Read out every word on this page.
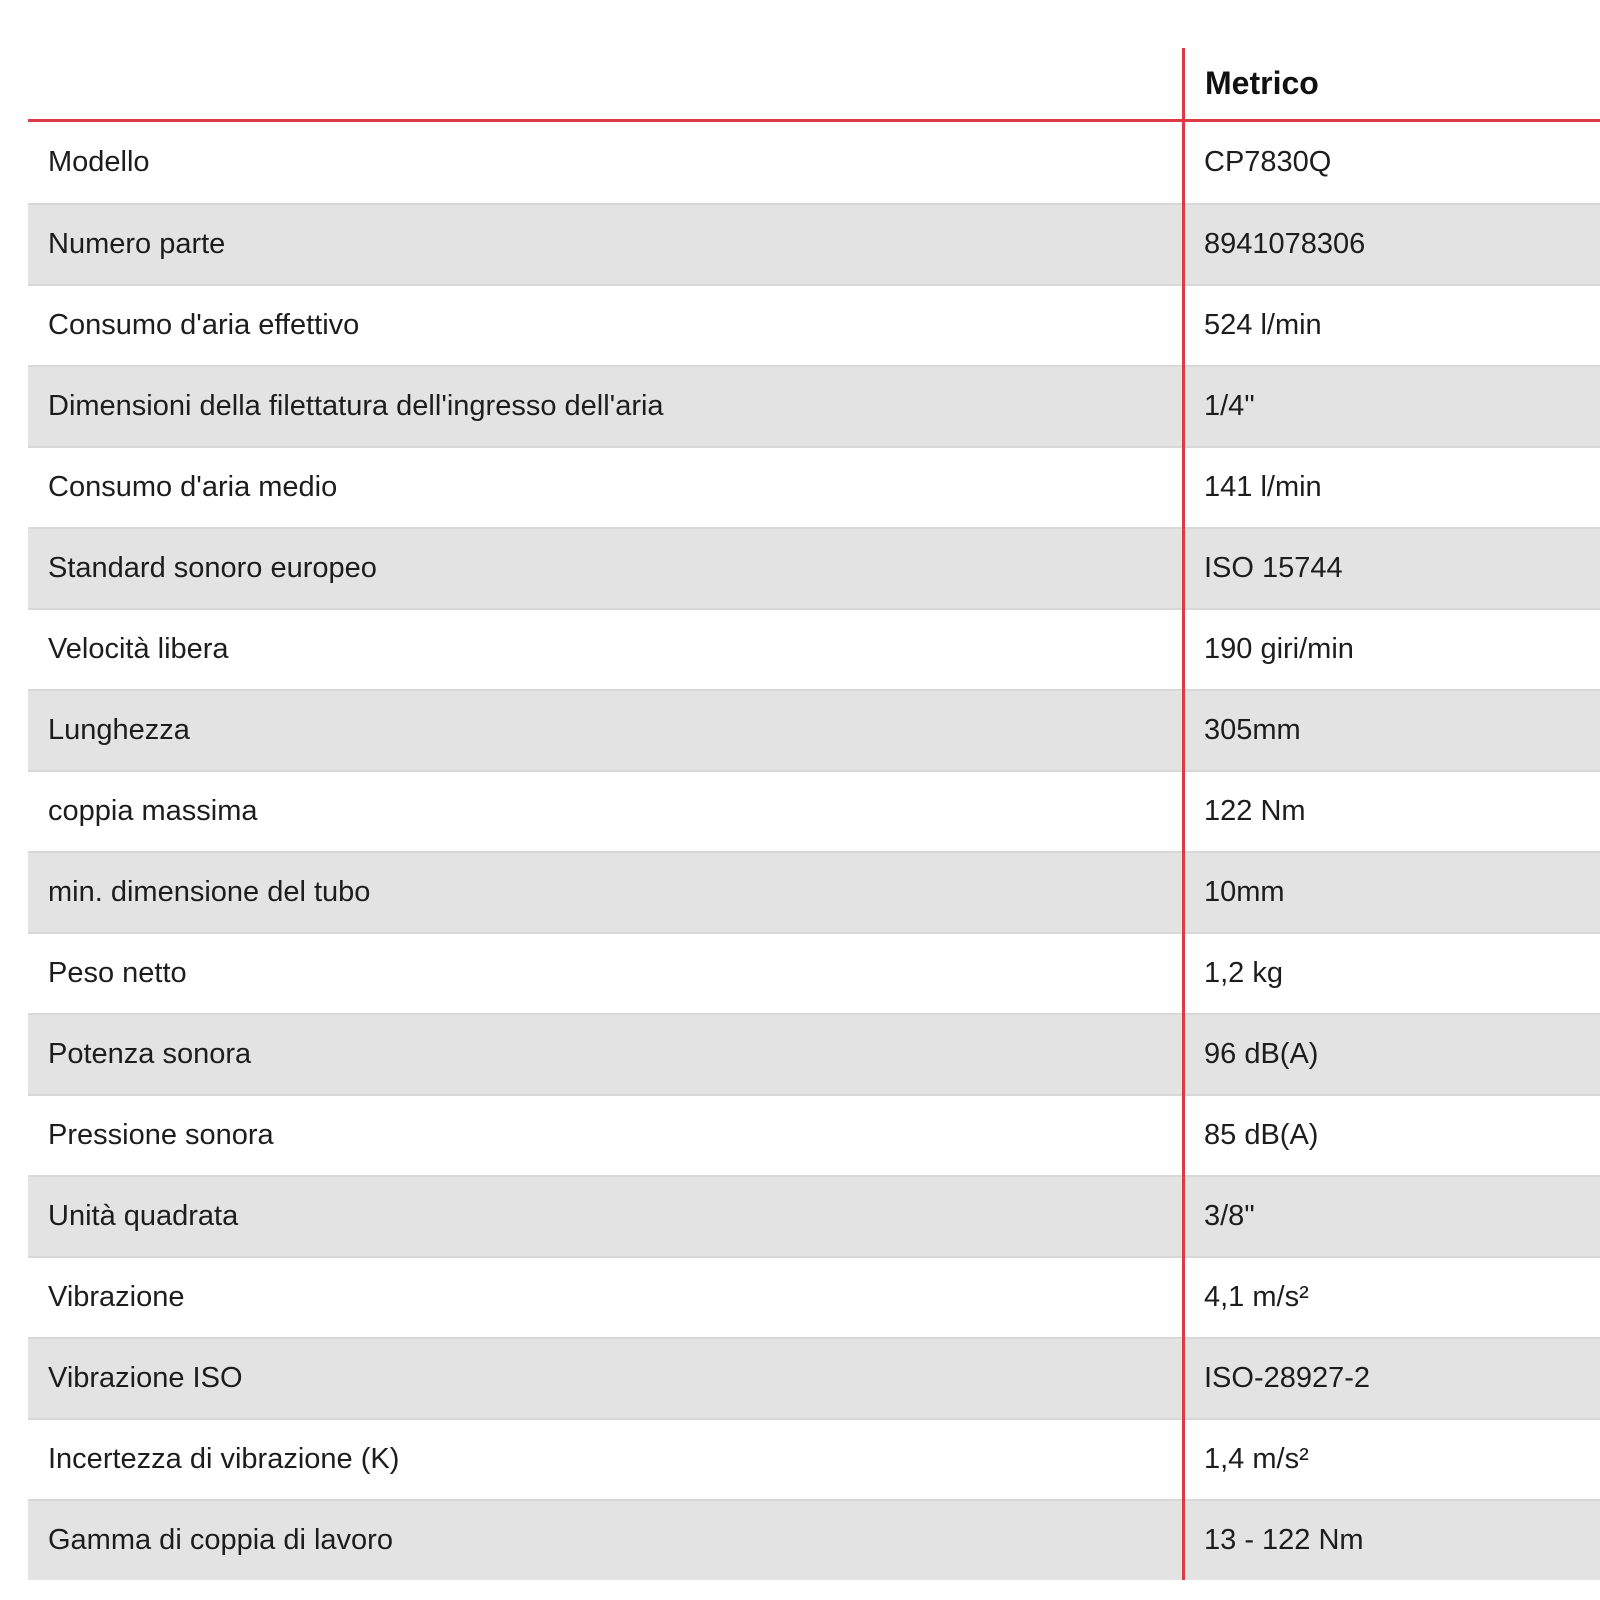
Metrico
Modello	CP7830Q
Numero parte	8941078306
Consumo d'aria effettivo	524 l/min
Dimensioni della filettatura dell'ingresso dell'aria	1/4"
Consumo d'aria medio	141 l/min
Standard sonoro europeo	ISO 15744
Velocità libera	190 giri/min
Lunghezza	305mm
coppia massima	122 Nm
min. dimensione del tubo	10mm
Peso netto	1,2 kg
Potenza sonora	96 dB(A)
Pressione sonora	85 dB(A)
Unità quadrata	3/8"
Vibrazione	4,1 m/s²
Vibrazione ISO	ISO-28927-2
Incertezza di vibrazione (K)	1,4 m/s²
Gamma di coppia di lavoro	13 - 122 Nm
